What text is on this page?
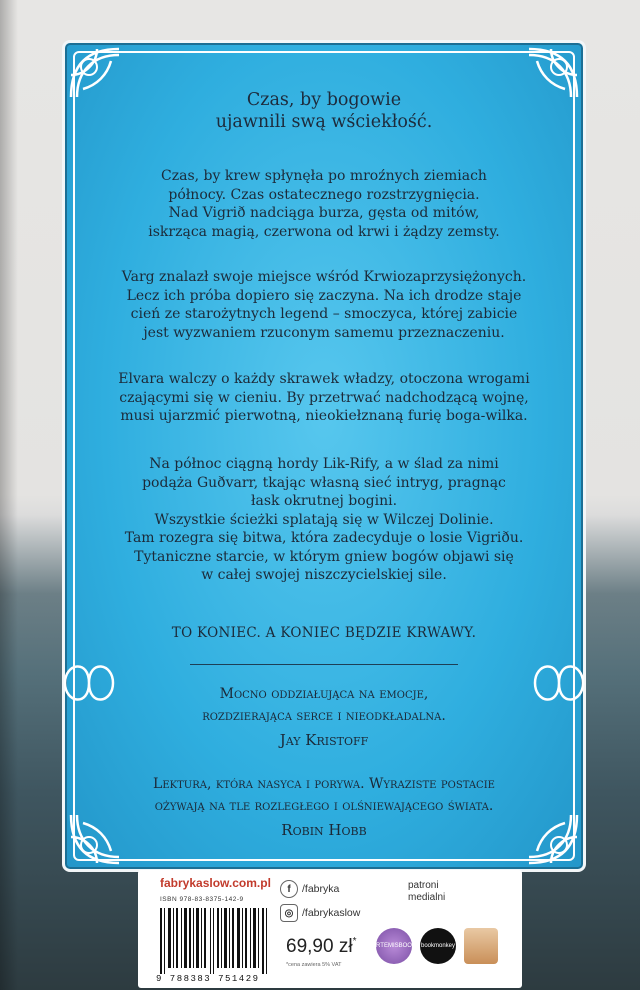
Czas, by bogowie
ujawnili swą wściekłość.
Czas, by krew spłynęła po mroźnych ziemiach
północy. Czas ostatecznego rozstrzygnięcia.
Nad Vigrið nadciąga burza, gęsta od mitów,
iskrząca magią, czerwona od krwi i żądzy zemsty.
Varg znalazł swoje miejsce wśród Krwiozaprzysiężonych.
Lecz ich próba dopiero się zaczyna. Na ich drodze staje
cień ze starożytnych legend – smoczyca, której zabicie
jest wyzwaniem rzuconym samemu przeznaczeniu.
Elvara walczy o każdy skrawek władzy, otoczona wrogami
czającymi się w cieniu. By przetrwać nadchodzącą wojnę,
musi ujarzmić pierwotną, nieokiełznaną furię boga-wilka.
Na północ ciągną hordy Lik-Rify, a w ślad za nimi
podąża Guðvarr, tkając własną sieć intryg, pragnąc
łask okrutnej bogini.
Wszystkie ścieżki splatają się w Wilczej Dolinie.
Tam rozegra się bitwa, która zadecyduje o losie Vigriðu.
Tytaniczne starcie, w którym gniew bogów objawi się
w całej swojej niszczycielskiej sile.
TO KONIEC. A KONIEC BĘDZIE KRWAWY.
Mocno oddziałująca na emocje,
rozdzierająca serce i nieodkładalna.
Jay Kristoff
Lektura, która nasyca i porywa. Wyraziste postacie
ożywają na tle rozległego i olśniewającego świata.
Robin Hobb
fabrykaslow.com.pl
ISBN 978-83-8375-142-9
9 788383 751429
f	/fabryka
◎ /fabrykaslow
69,90 zł*
*cena zawiera 5% VAT
patroni
medialni
ARTEMISBOOK bookmonkey
